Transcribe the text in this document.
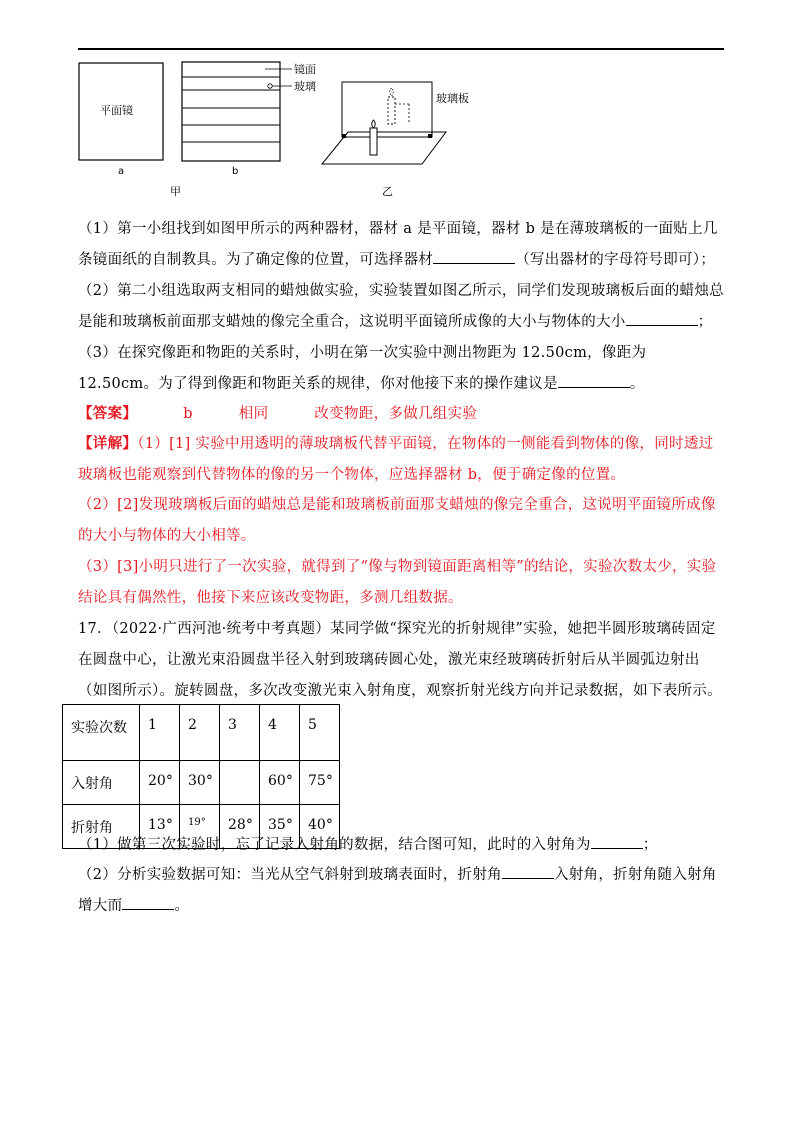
平面镜
a
镜面
玻璃
b
甲
玻璃板
乙
（1）第一小组找到如图甲所示的两种器材，器材 a 是平面镜，器材 b 是在薄玻璃板的一面贴上几条镜面纸的自制教具。为了确定像的位置，可选择器材	（写出器材的字母符号即可）；
（2）第二小组选取两支相同的蜡烛做实验，实验装置如图乙所示，同学们发现玻璃板后面的蜡烛总是能和玻璃板前面那支蜡烛的像完全重合，这说明平面镜所成像的大小与物体的大小	；
（3）在探究像距和物距的关系时，小明在第一次实验中测出物距为 12.50cm，像距为 12.50cm。为了得到像距和物距关系的规律，你对他接下来的操作建议是	。
【答案】	b	相同	改变物距，多做几组实验
【详解】（1）[1] 实验中用透明的薄玻璃板代替平面镜，在物体的一侧能看到物体的像，同时透过玻璃板也能观察到代替物体的像的另一个物体，应选择器材 b，便于确定像的位置。
（2）[2]发现玻璃板后面的蜡烛总是能和玻璃板前面那支蜡烛的像完全重合，这说明平面镜所成像的大小与物体的大小相等。
（3）[3]小明只进行了一次实验，就得到了“像与物到镜面距离相等”的结论，实验次数太少，实验结论具有偶然性，他接下来应该改变物距，多测几组数据。
17．（2022·广西河池·统考中考真题）某同学做“探究光的折射规律”实验，她把半圆形玻璃砖固定在圆盘中心，让激光束沿圆盘半径入射到玻璃砖圆心处，激光束经玻璃砖折射后从半圆弧边射出（如图所示）。旋转圆盘，多次改变激光束入射角度，观察折射光线方向并记录数据，如下表所示。
实验次数	1	2	3	4	5
入射角	20°	30°		60°	75°
折射角	13°	19°	28°	35°	40°
（1）做第三次实验时，忘了记录入射角的数据，结合图可知，此时的入射角为	；
（2）分析实验数据可知：当光从空气斜射到玻璃表面时，折射角	入射角，折射角随入射角增大而	。
